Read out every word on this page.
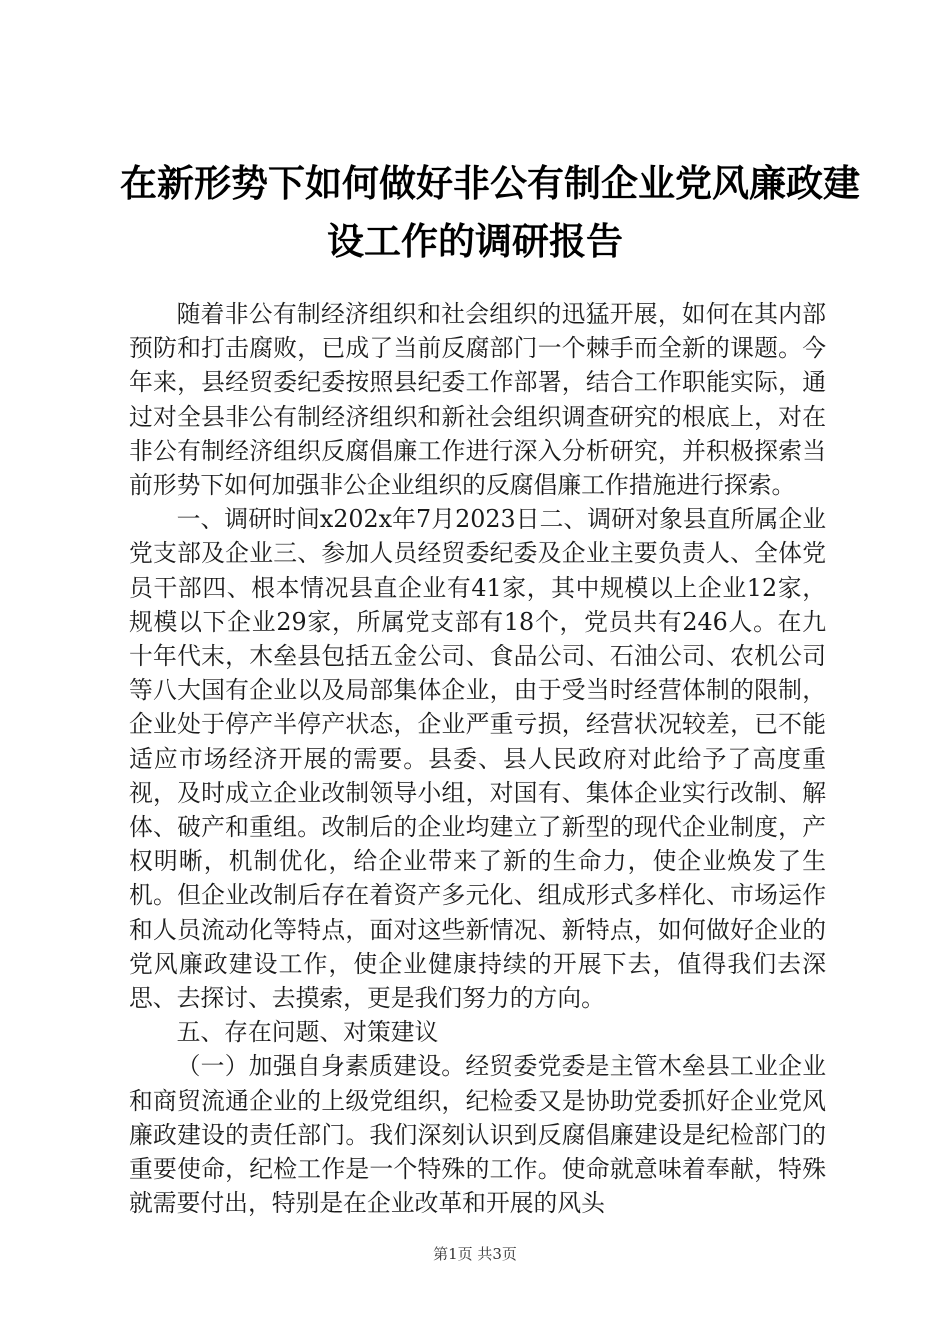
在新形势下如何做好非公有制企业党风廉政建
设工作的调研报告

随着非公有制经济组织和社会组织的迅猛开展，如何在其内部预防和打击腐败，已成了当前反腐部门一个棘手而全新的课题。今年来，县经贸委纪委按照县纪委工作部署，结合工作职能实际，通过对全县非公有制经济组织和新社会组织调查研究的根底上，对在非公有制经济组织反腐倡廉工作进行深入分析研究，并积极探索当前形势下如何加强非公企业组织的反腐倡廉工作措施进行探索。

一、调研时间x202x年7月2023日二、调研对象县直所属企业党支部及企业三、参加人员经贸委纪委及企业主要负责人、全体党员干部四、根本情况县直企业有41家，其中规模以上企业12家，规模以下企业29家，所属党支部有18个，党员共有246人。在九十年代末，木垒县包括五金公司、食品公司、石油公司、农机公司等八大国有企业以及局部集体企业，由于受当时经营体制的限制，企业处于停产半停产状态，企业严重亏损，经营状况较差，已不能适应市场经济开展的需要。县委、县人民政府对此给予了高度重视，及时成立企业改制领导小组，对国有、集体企业实行改制、解体、破产和重组。改制后的企业均建立了新型的现代企业制度，产权明晰，机制优化，给企业带来了新的生命力，使企业焕发了生机。但企业改制后存在着资产多元化、组成形式多样化、市场运作和人员流动化等特点，面对这些新情况、新特点，如何做好企业的党风廉政建设工作，使企业健康持续的开展下去，值得我们去深思、去探讨、去摸索，更是我们努力的方向。

五、存在问题、对策建议

（一）加强自身素质建设。经贸委党委是主管木垒县工业企业和商贸流通企业的上级党组织，纪检委又是协助党委抓好企业党风廉政建设的责任部门。我们深刻认识到反腐倡廉建设是纪检部门的重要使命，纪检工作是一个特殊的工作。使命就意味着奉献，特殊就需要付出，特别是在企业改革和开展的风头

第1页 共3页
